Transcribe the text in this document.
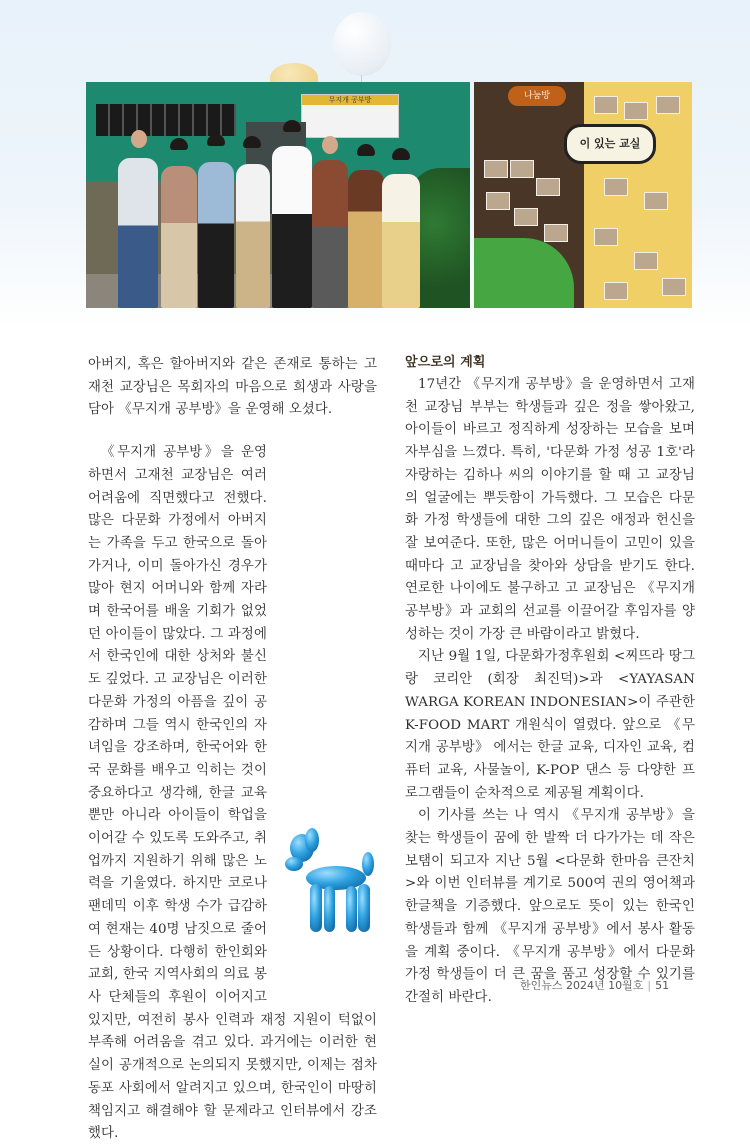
무지개 공부방	나눔방
이 있는 교실

아버지, 혹은 할아버지와 같은 존재로 통하는 고재천 교장님은 목회자의 마음으로 희생과 사랑을 담아 《무지개 공부방》을 운영해 오셨다.

《무지개 공부방》을 운영하면서 고재천 교장님은 여러 어려움에 직면했다고 전했다. 많은 다문화 가정에서 아버지는 가족을 두고 한국으로 돌아가거나, 이미 돌아가신 경우가 많아 현지 어머니와 함께 자라며 한국어를 배울 기회가 없었던 아이들이 많았다. 그 과정에서 한국인에 대한 상처와 불신도 깊었다. 고 교장님은 이러한 다문화 가정의 아픔을 깊이 공감하며 그들 역시 한국인의 자녀임을 강조하며, 한국어와 한국 문화를 배우고 익히는 것이 중요하다고 생각해, 한글 교육뿐만 아니라 아이들이 학업을 이어갈 수 있도록 도와주고, 취업까지 지원하기 위해 많은 노력을 기울였다. 하지만 코로나 팬데믹 이후 학생 수가 급감하여 현재는 40명 남짓으로 줄어든 상황이다. 다행히 한인회와 교회, 한국 지역사회의 의료 봉사 단체들의 후원이 이어지고 있지만, 여전히 봉사 인력과 재정 지원이 턱없이 부족해 어려움을 겪고 있다. 과거에는 이러한 현실이 공개적으로 논의되지 못했지만, 이제는 점차 동포 사회에서 알려지고 있으며, 한국인이 마땅히 책임지고 해결해야 할 문제라고 인터뷰에서 강조했다.

앞으로의 계획

17년간 《무지개 공부방》을 운영하면서 고재천 교장님 부부는 학생들과 깊은 정을 쌓아왔고, 아이들이 바르고 정직하게 성장하는 모습을 보며 자부심을 느꼈다. 특히, '다문화 가정 성공 1호'라 자랑하는 김하나 씨의 이야기를 할 때 고 교장님의 얼굴에는 뿌듯함이 가득했다. 그 모습은 다문화 가정 학생들에 대한 그의 깊은 애정과 헌신을 잘 보여준다. 또한, 많은 어머니들이 고민이 있을 때마다 고 교장님을 찾아와 상담을 받기도 한다. 연로한 나이에도 불구하고 고 교장님은 《무지개 공부방》과 교회의 선교를 이끌어갈 후임자를 양성하는 것이 가장 큰 바람이라고 밝혔다.

지난 9월 1일, 다문화가정후원회 <찌뜨라 땅그랑 코리안 (회장 최진덕)>과 <YAYASAN WARGA KOREAN INDONESIAN>이 주관한 K-FOOD MART 개원식이 열렸다. 앞으로 《무지개 공부방》 에서는 한글 교육, 디자인 교육, 컴퓨터 교육, 사물놀이, K-POP 댄스 등 다양한 프로그램들이 순차적으로 제공될 계획이다.

이 기사를 쓰는 나 역시 《무지개 공부방》을 찾는 학생들이 꿈에 한 발짝 더 다가가는 데 작은 보탬이 되고자 지난 5월 <다문화 한마음 큰잔치>와 이번 인터뷰를 계기로 500여 권의 영어책과 한글책을 기증했다. 앞으로도 뜻이 있는 한국인 학생들과 함께 《무지개 공부방》에서 봉사 활동을 계획 중이다. 《무지개 공부방》에서 다문화 가정 학생들이 더 큰 꿈을 품고 성장할 수 있기를 간절히 바란다.

한인뉴스 2024년 10월호 | 51
